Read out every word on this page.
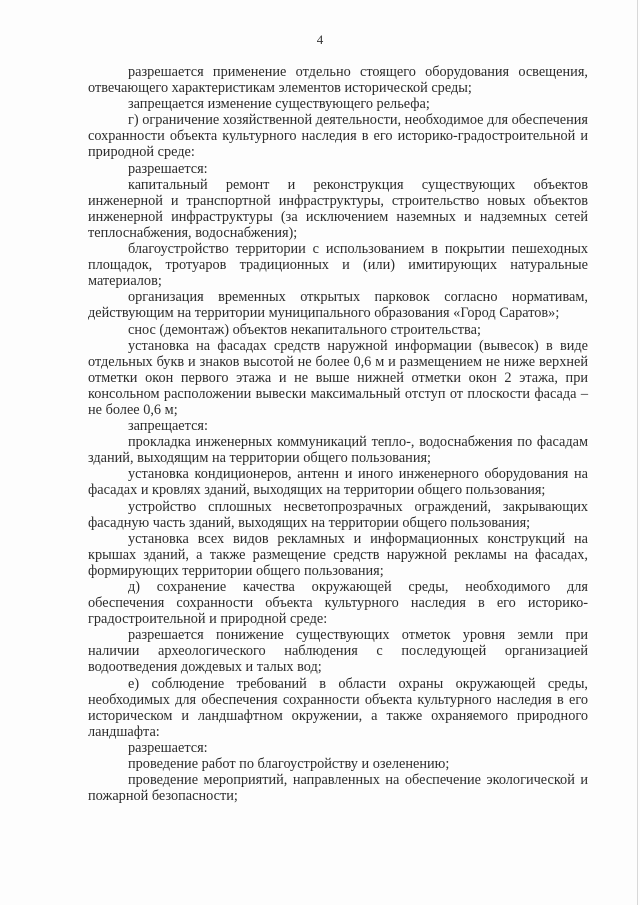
4

разрешается применение отдельно стоящего оборудования освещения, отвечающего характеристикам элементов исторической среды;

запрещается изменение существующего рельефа;

г) ограничение хозяйственной деятельности, необходимое для обеспечения сохранности объекта культурного наследия в его историко-градостроительной и природной среде:

разрешается:

капитальный ремонт и реконструкция существующих объектов инженерной и транспортной инфраструктуры, строительство новых объектов инженерной инфраструктуры (за исключением наземных и надземных сетей теплоснабжения, водоснабжения);

благоустройство территории с использованием в покрытии пешеходных площадок, тротуаров традиционных и (или) имитирующих натуральные материалов;

организация временных открытых парковок согласно нормативам, действующим на территории муниципального образования «Город Саратов»;

снос (демонтаж) объектов некапитального строительства;

установка на фасадах средств наружной информации (вывесок) в виде отдельных букв и знаков высотой не более 0,6 м и размещением не ниже верхней отметки окон первого этажа и не выше нижней отметки окон 2 этажа, при консольном расположении вывески максимальный отступ от плоскости фасада – не более 0,6 м;

запрещается:

прокладка инженерных коммуникаций тепло-, водоснабжения по фасадам зданий, выходящим на территории общего пользования;

установка кондиционеров, антенн и иного инженерного оборудования на фасадах и кровлях зданий, выходящих на территории общего пользования;

устройство сплошных несветопрозрачных ограждений, закрывающих фасадную часть зданий, выходящих на территории общего пользования;

установка всех видов рекламных и информационных конструкций на крышах зданий, а также размещение средств наружной рекламы на фасадах, формирующих территории общего пользования;

д) сохранение качества окружающей среды, необходимого для обеспечения сохранности объекта культурного наследия в его историко-градостроительной и природной среде:

разрешается понижение существующих отметок уровня земли при наличии археологического наблюдения с последующей организацией водоотведения дождевых и талых вод;

е) соблюдение требований в области охраны окружающей среды, необходимых для обеспечения сохранности объекта культурного наследия в его историческом и ландшафтном окружении, а также охраняемого природного ландшафта:

разрешается:

проведение работ по благоустройству и озеленению;

проведение мероприятий, направленных на обеспечение экологической и пожарной безопасности;
